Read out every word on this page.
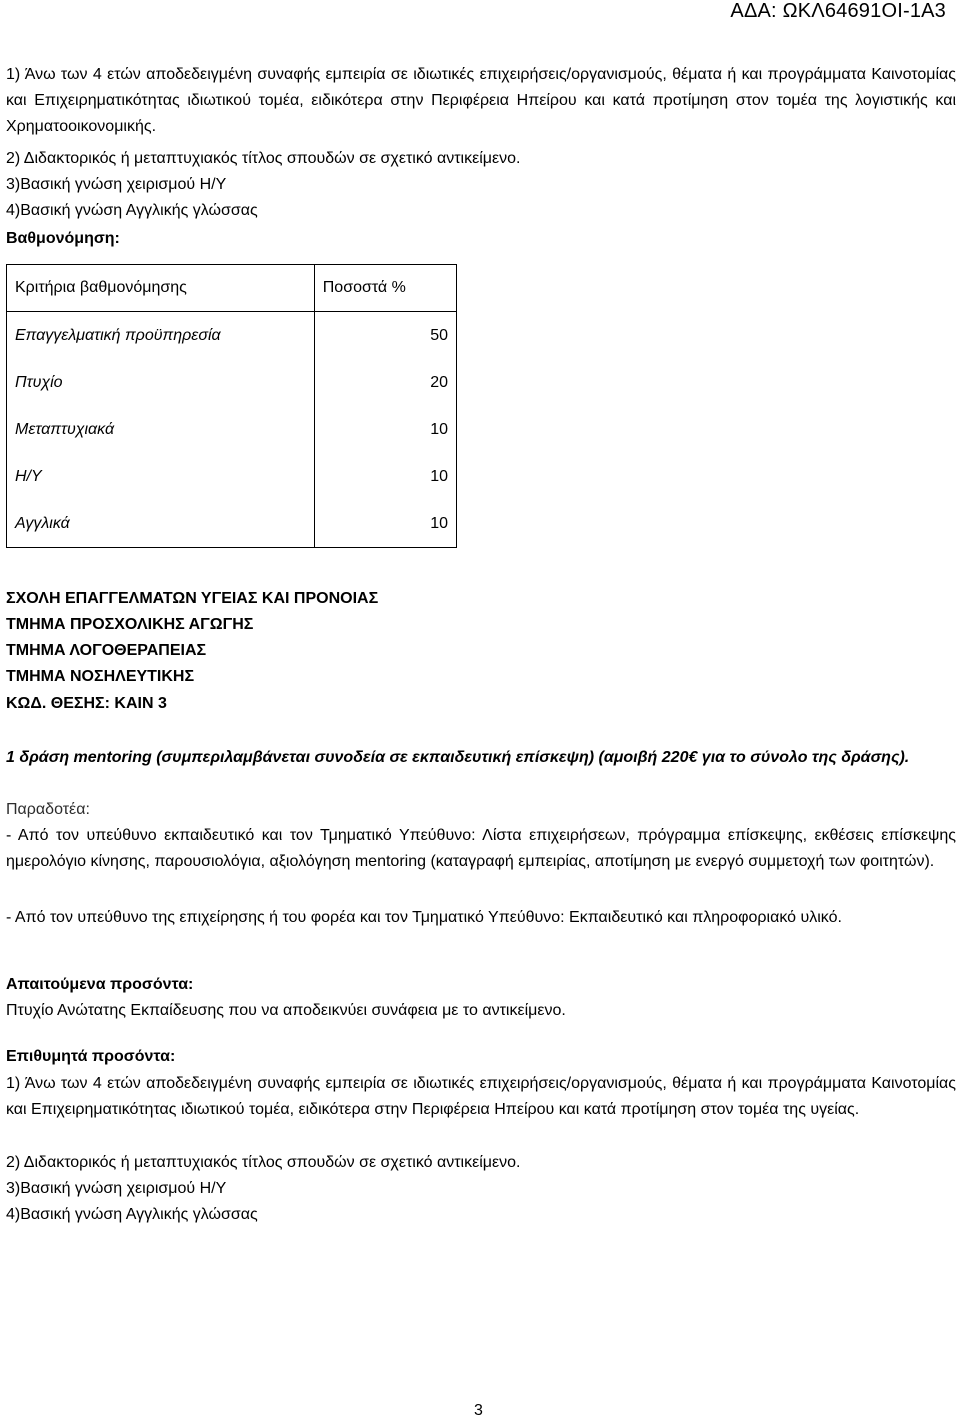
ΑΔΑ: ΩΚΛ64691ΟΙ-1Α3
1) Άνω των 4 ετών αποδεδειγμένη συναφής εμπειρία σε ιδιωτικές επιχειρήσεις/οργανισμούς, θέματα ή και προγράμματα Καινοτομίας και Επιχειρηματικότητας ιδιωτικού τομέα, ειδικότερα στην Περιφέρεια Ηπείρου και κατά προτίμηση στον τομέα της λογιστικής και Χρηματοοικονομικής.
2) Διδακτορικός ή μεταπτυχιακός τίτλος σπουδών σε σχετικό αντικείμενο.
3)Βασική γνώση χειρισμού Η/Υ
4)Βασική γνώση Αγγλικής γλώσσας
Βαθμονόμηση:
Κριτήρια βαθμονόμησης	Ποσοστά %
Επαγγελματική προϋπηρεσία	50
Πτυχίο	20
Μεταπτυχιακά	10
Η/Υ	10
Αγγλικά	10
ΣΧΟΛΗ ΕΠΑΓΓΕΛΜΑΤΩΝ ΥΓΕΙΑΣ ΚΑΙ ΠΡΟΝΟΙΑΣ
ΤΜΗΜΑ ΠΡΟΣΧΟΛΙΚΗΣ ΑΓΩΓΗΣ
ΤΜΗΜΑ ΛΟΓΟΘΕΡΑΠΕΙΑΣ
ΤΜΗΜΑ ΝΟΣΗΛΕΥΤΙΚΗΣ
ΚΩΔ. ΘΕΣΗΣ: ΚΑΙΝ 3
1 δράση mentoring (συμπεριλαμβάνεται συνοδεία σε εκπαιδευτική επίσκεψη) (αμοιβή 220€ για το σύνολο της δράσης).
Παραδοτέα:
- Από τον υπεύθυνο εκπαιδευτικό και τον Τμηματικό Υπεύθυνο: Λίστα επιχειρήσεων, πρόγραμμα επίσκεψης, εκθέσεις επίσκεψης ημερολόγιο κίνησης, παρουσιολόγια, αξιολόγηση mentoring (καταγραφή εμπειρίας, αποτίμηση με ενεργό συμμετοχή των φοιτητών).
- Από τον υπεύθυνο της επιχείρησης ή του φορέα και τον Τμηματικό Υπεύθυνο: Εκπαιδευτικό και πληροφοριακό υλικό.
Απαιτούμενα προσόντα:
Πτυχίο Ανώτατης Εκπαίδευσης που να αποδεικνύει συνάφεια με το αντικείμενο.
Επιθυμητά προσόντα:
1) Άνω των 4 ετών αποδεδειγμένη συναφής εμπειρία σε ιδιωτικές επιχειρήσεις/οργανισμούς, θέματα ή και προγράμματα Καινοτομίας και Επιχειρηματικότητας ιδιωτικού τομέα, ειδικότερα στην Περιφέρεια Ηπείρου και κατά προτίμηση στον τομέα της υγείας.
2) Διδακτορικός ή μεταπτυχιακός τίτλος σπουδών σε σχετικό αντικείμενο.
3)Βασική γνώση χειρισμού Η/Υ
4)Βασική γνώση Αγγλικής γλώσσας
3
